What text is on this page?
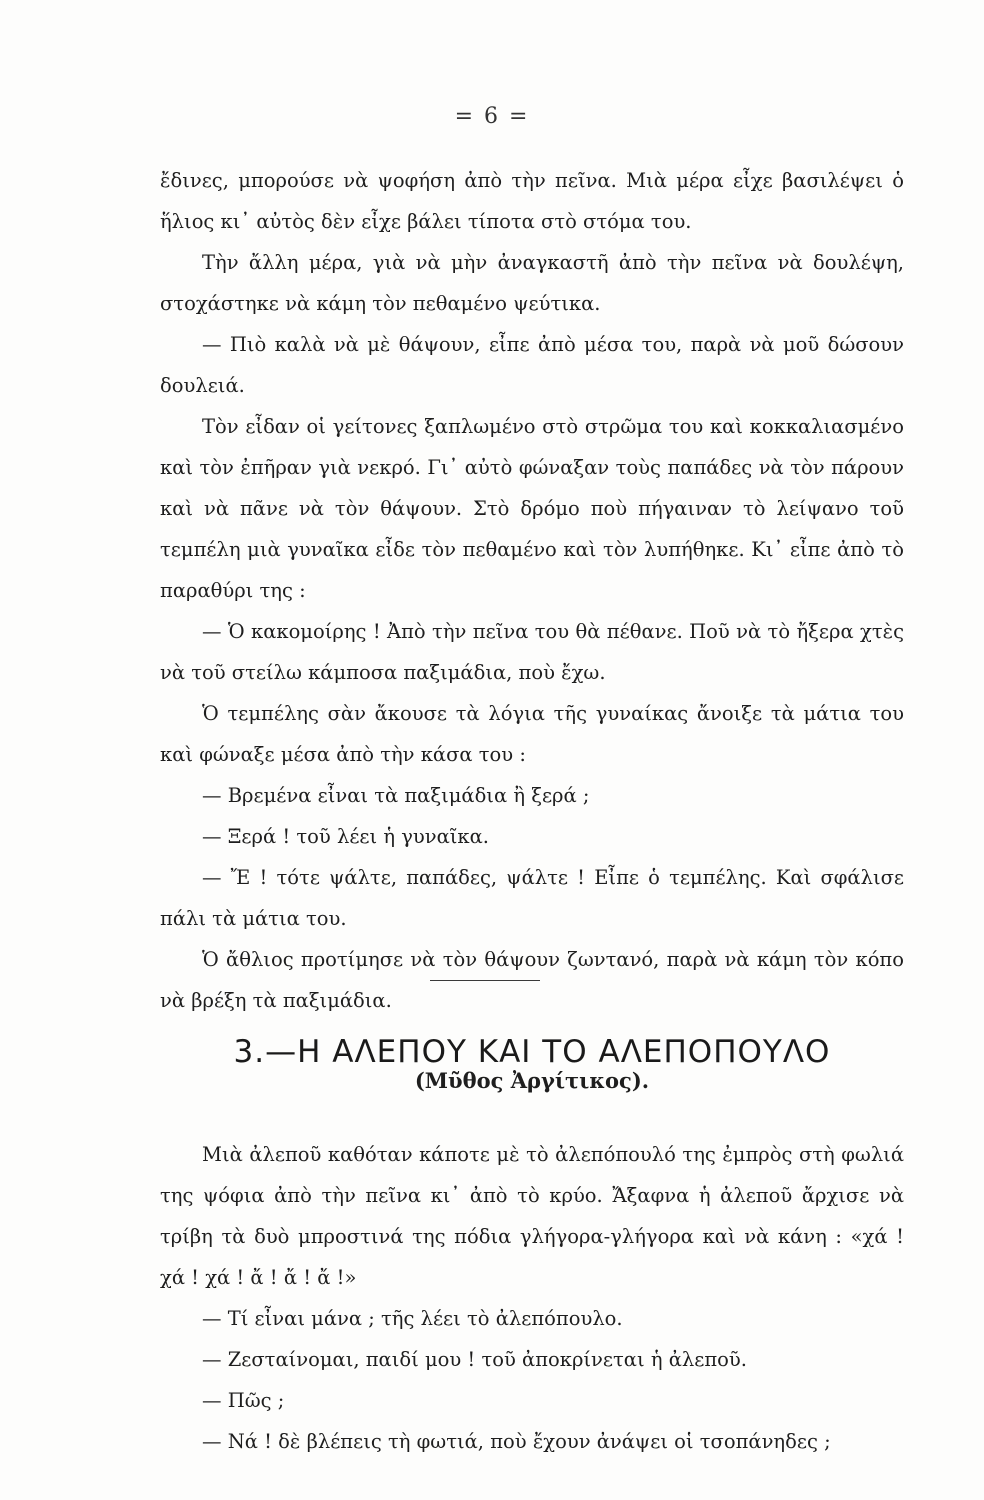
= 6 =

ἔδινες, μπορούσε νὰ ψοφήση ἀπὸ τὴν πεῖνα. Μιὰ μέρα εἶχε βασιλέψει ὁ ἥλιος κι᾽ αὐτὸς δὲν εἶχε βάλει τίποτα στὸ στόμα του.

Τὴν ἄλλη μέρα, γιὰ νὰ μὴν ἀναγκαστῆ ἀπὸ τὴν πεῖνα νὰ δουλέψη, στοχάστηκε νὰ κάμη τὸν πεθαμένο ψεύτικα.

— Πιὸ καλὰ νὰ μὲ θάψουν, εἶπε ἀπὸ μέσα του, παρὰ νὰ μοῦ δώσουν δουλειά.

Τὸν εἶδαν οἱ γείτονες ξαπλωμένο στὸ στρῶμα του καὶ κοκκαλιασμένο καὶ τὸν ἐπῆραν γιὰ νεκρό. Γι᾽ αὐτὸ φώναξαν τοὺς παπάδες νὰ τὸν πάρουν καὶ νὰ πᾶνε νὰ τὸν θάψουν. Στὸ δρόμο ποὺ πήγαιναν τὸ λείψανο τοῦ τεμπέλη μιὰ γυναῖκα εἶδε τὸν πεθαμένο καὶ τὸν λυπήθηκε. Κι᾽ εἶπε ἀπὸ τὸ παραθύρι της :

— Ὁ κακομοίρης ! Ἀπὸ τὴν πεῖνα του θὰ πέθανε. Ποῦ νὰ τὸ ἤξερα χτὲς νὰ τοῦ στείλω κάμποσα παξιμάδια, ποὺ ἔχω.

Ὁ τεμπέλης σὰν ἄκουσε τὰ λόγια τῆς γυναίκας ἄνοιξε τὰ μάτια του καὶ φώναξε μέσα ἀπὸ τὴν κάσα του :

— Βρεμένα εἶναι τὰ παξιμάδια ἢ ξερά ;

— Ξερά ! τοῦ λέει ἡ γυναῖκα.

— Ἔ ! τότε ψάλτε, παπάδες, ψάλτε ! Εἶπε ὁ τεμπέλης. Καὶ σφάλισε πάλι τὰ μάτια του.

Ὁ ἄθλιος προτίμησε νὰ τὸν θάψουν ζωντανό, παρὰ νὰ κάμη τὸν κόπο νὰ βρέξη τὰ παξιμάδια.

3.—Η ΑΛΕΠΟΥ ΚΑΙ ΤΟ ΑΛΕΠΟΠΟΥΛΟ
(Μῦθος Ἀργίτικος).

Μιὰ ἀλεποῦ καθόταν κάποτε μὲ τὸ ἀλεπόπουλό της ἐμπρὸς στὴ φωλιά της ψόφια ἀπὸ τὴν πεῖνα κι᾽ ἀπὸ τὸ κρύο. Ἄξαφνα ἡ ἀλεποῦ ἄρχισε νὰ τρίβη τὰ δυὸ μπροστινά της πόδια γλήγορα-γλήγορα καὶ νὰ κάνη : «χά ! χά ! χά ! ἄ ! ἄ ! ἄ !»

— Τί εἶναι μάνα ; τῆς λέει τὸ ἀλεπόπουλο.

— Ζεσταίνομαι, παιδί μου ! τοῦ ἀποκρίνεται ἡ ἀλεποῦ.

— Πῶς ;

— Νά ! δὲ βλέπεις τὴ φωτιά, ποὺ ἔχουν ἀνάψει οἱ τσοπάνηδες ;
